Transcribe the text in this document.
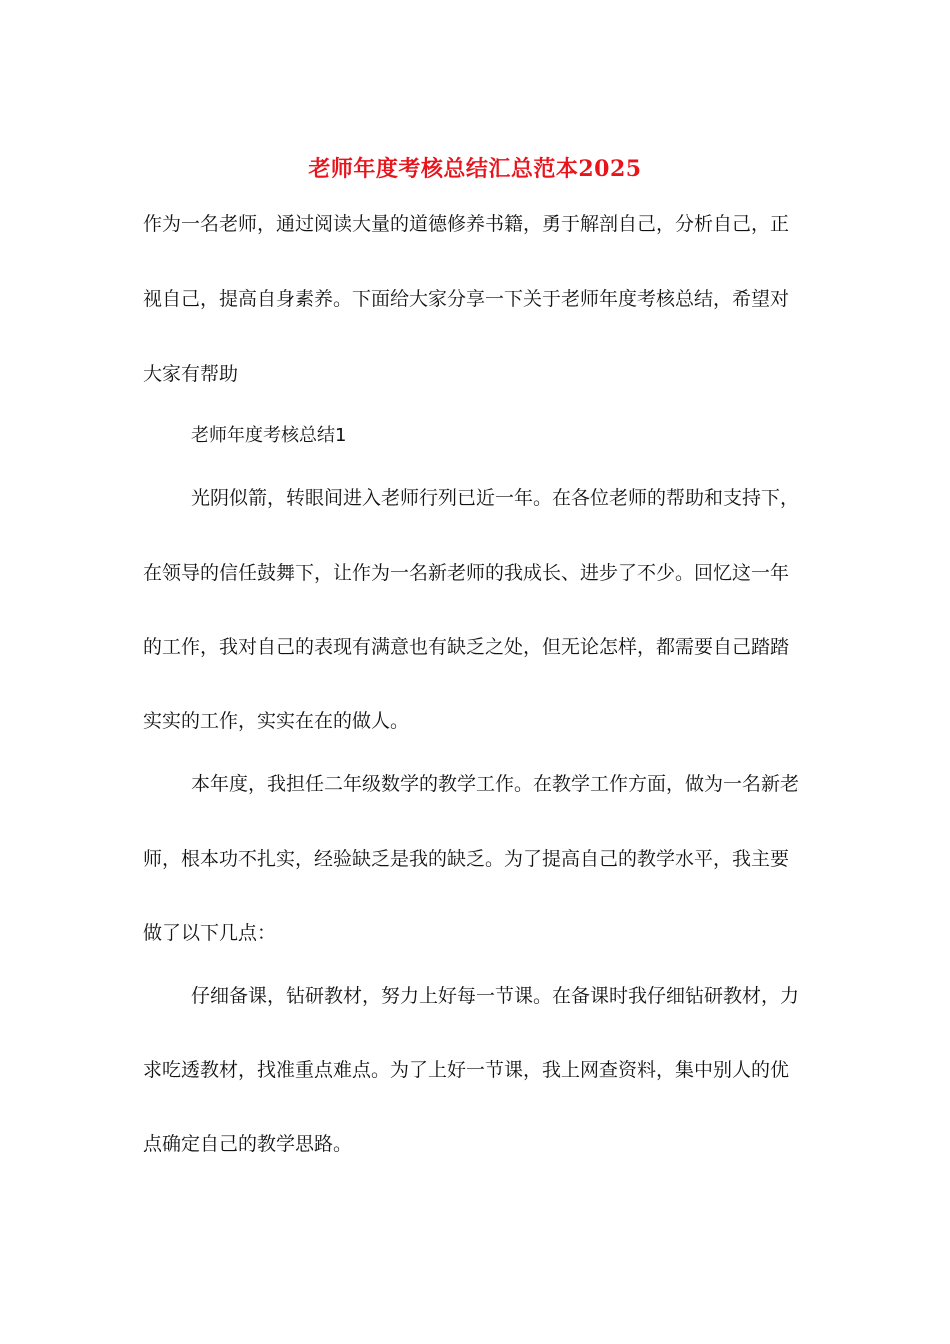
老师年度考核总结汇总范本2025

作为一名老师，通过阅读大量的道德修养书籍，勇于解剖自己，分析自己，正

视自己，提高自身素养。下面给大家分享一下关于老师年度考核总结，希望对

大家有帮助

老师年度考核总结1

光阴似箭，转眼间进入老师行列已近一年。在各位老师的帮助和支持下，

在领导的信任鼓舞下，让作为一名新老师的我成长、进步了不少。回忆这一年

的工作，我对自己的表现有满意也有缺乏之处，但无论怎样，都需要自己踏踏

实实的工作，实实在在的做人。

本年度，我担任二年级数学的教学工作。在教学工作方面，做为一名新老

师，根本功不扎实，经验缺乏是我的缺乏。为了提高自己的教学水平，我主要

做了以下几点：

仔细备课，钻研教材，努力上好每一节课。在备课时我仔细钻研教材，力

求吃透教材，找准重点难点。为了上好一节课，我上网查资料，集中别人的优

点确定自己的教学思路。
